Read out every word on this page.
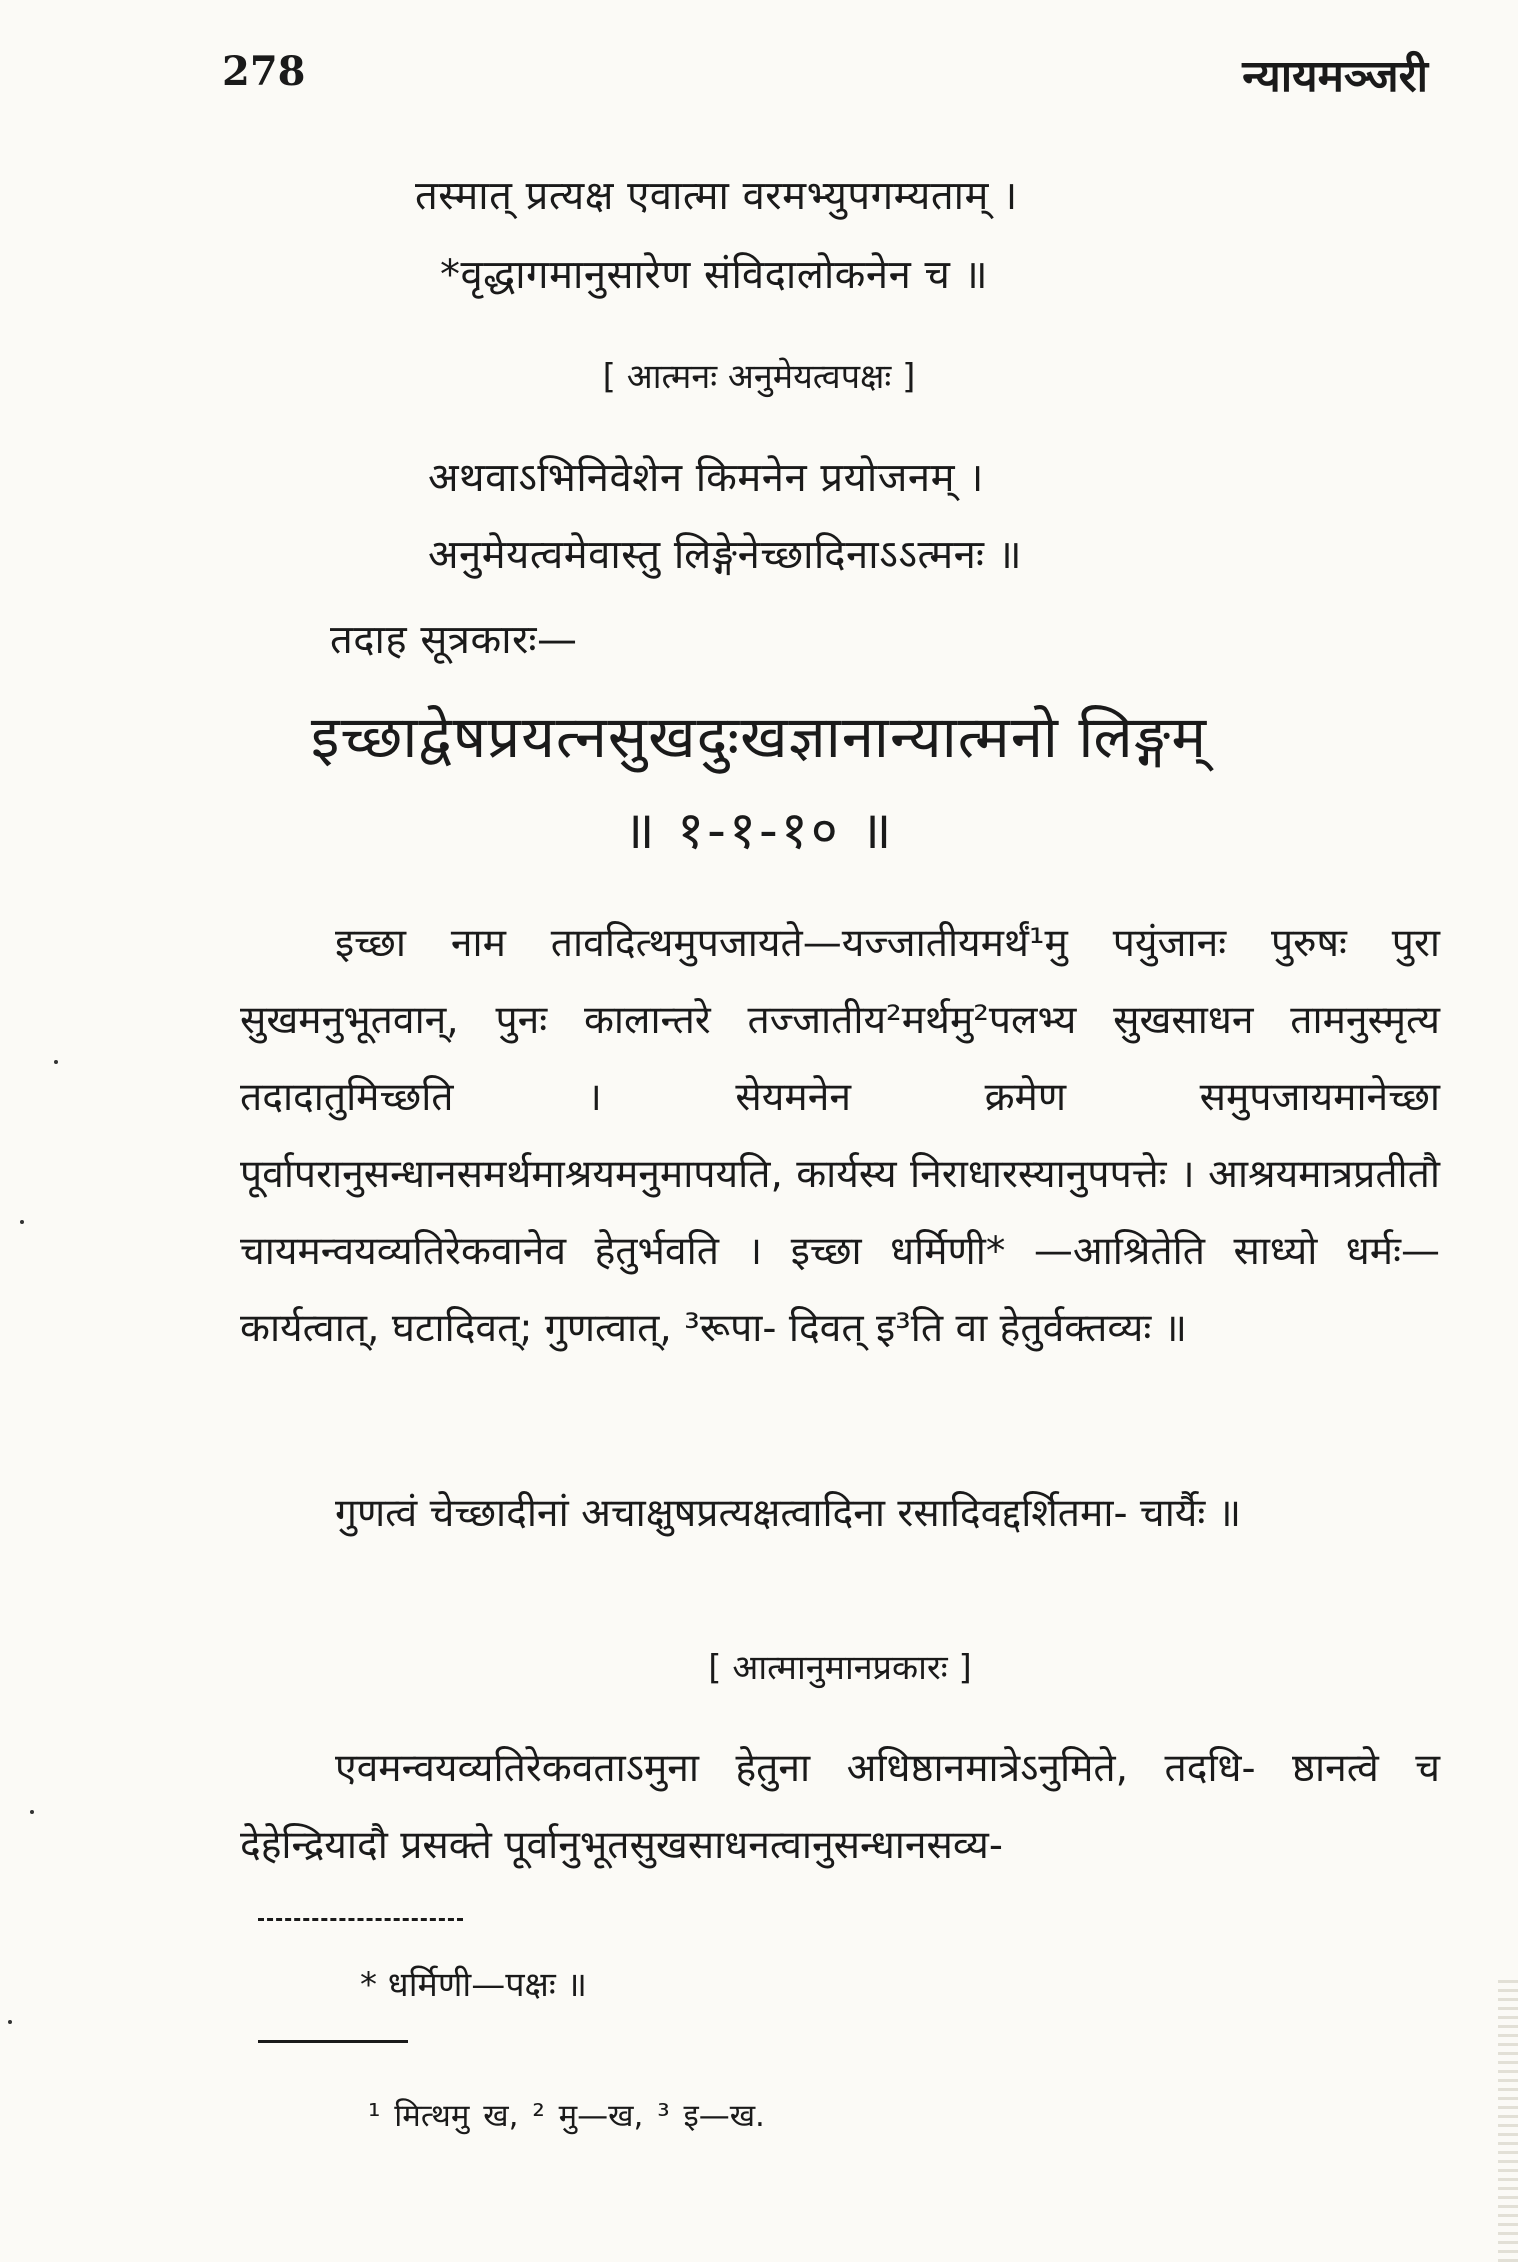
278	न्यायमञ्जरी
तस्मात् प्रत्यक्ष एवात्मा वरमभ्युपगम्यताम् ।
*वृद्धागमानुसारेण संविदालोकनेन च ॥
[ आत्मनः अनुमेयत्वपक्षः ]
अथवाऽभिनिवेशेन किमनेन प्रयोजनम् ।
अनुमेयत्वमेवास्तु लिङ्गेनेच्छादिनाऽऽत्मनः ॥
तदाह सूत्रकारः—
इच्छाद्वेषप्रयत्नसुखदुःखज्ञानान्यात्मनो लिङ्गम्
॥ १-१-१० ॥
इच्छा नाम तावदित्थमुपजायते—यज्जातीयमर्थं¹मु पयुंजानः पुरुषः पुरा सुखमनुभूतवान्, पुनः कालान्तरे तज्जातीय²मर्थमु²पलभ्य सुखसाधन तामनुस्मृत्य तदादातुमिच्छति । सेयमनेन क्रमेण समुपजायमानेच्छा पूर्वापरानुसन्धानसमर्थमाश्रयमनुमापयति, कार्यस्य निराधारस्यानुपपत्तेः । आश्रयमात्रप्रतीतौ चायमन्वयव्यतिरेकवानेव हेतुर्भवति । इच्छा धर्मिणी* —आश्रितेति साध्यो धर्मः—कार्यत्वात्, घटादिवत्; गुणत्वात्, ³रूपा- दिवत् इ³ति वा हेतुर्वक्तव्यः ॥
गुणत्वं चेच्छादीनां अचाक्षुषप्रत्यक्षत्वादिना रसादिवद्दर्शितमा- चार्यैः ॥
[ आत्मानुमानप्रकारः ]
एवमन्वयव्यतिरेकवताऽमुना हेतुना अधिष्ठानमात्रेऽनुमिते, तदधि- ष्ठानत्वे च देहेन्द्रियादौ प्रसक्ते पूर्वानुभूतसुखसाधनत्वानुसन्धानसव्य-
* धर्मिणी—पक्षः ॥
¹ मित्थमु ख, ² मु—ख, ³ इ—ख.
